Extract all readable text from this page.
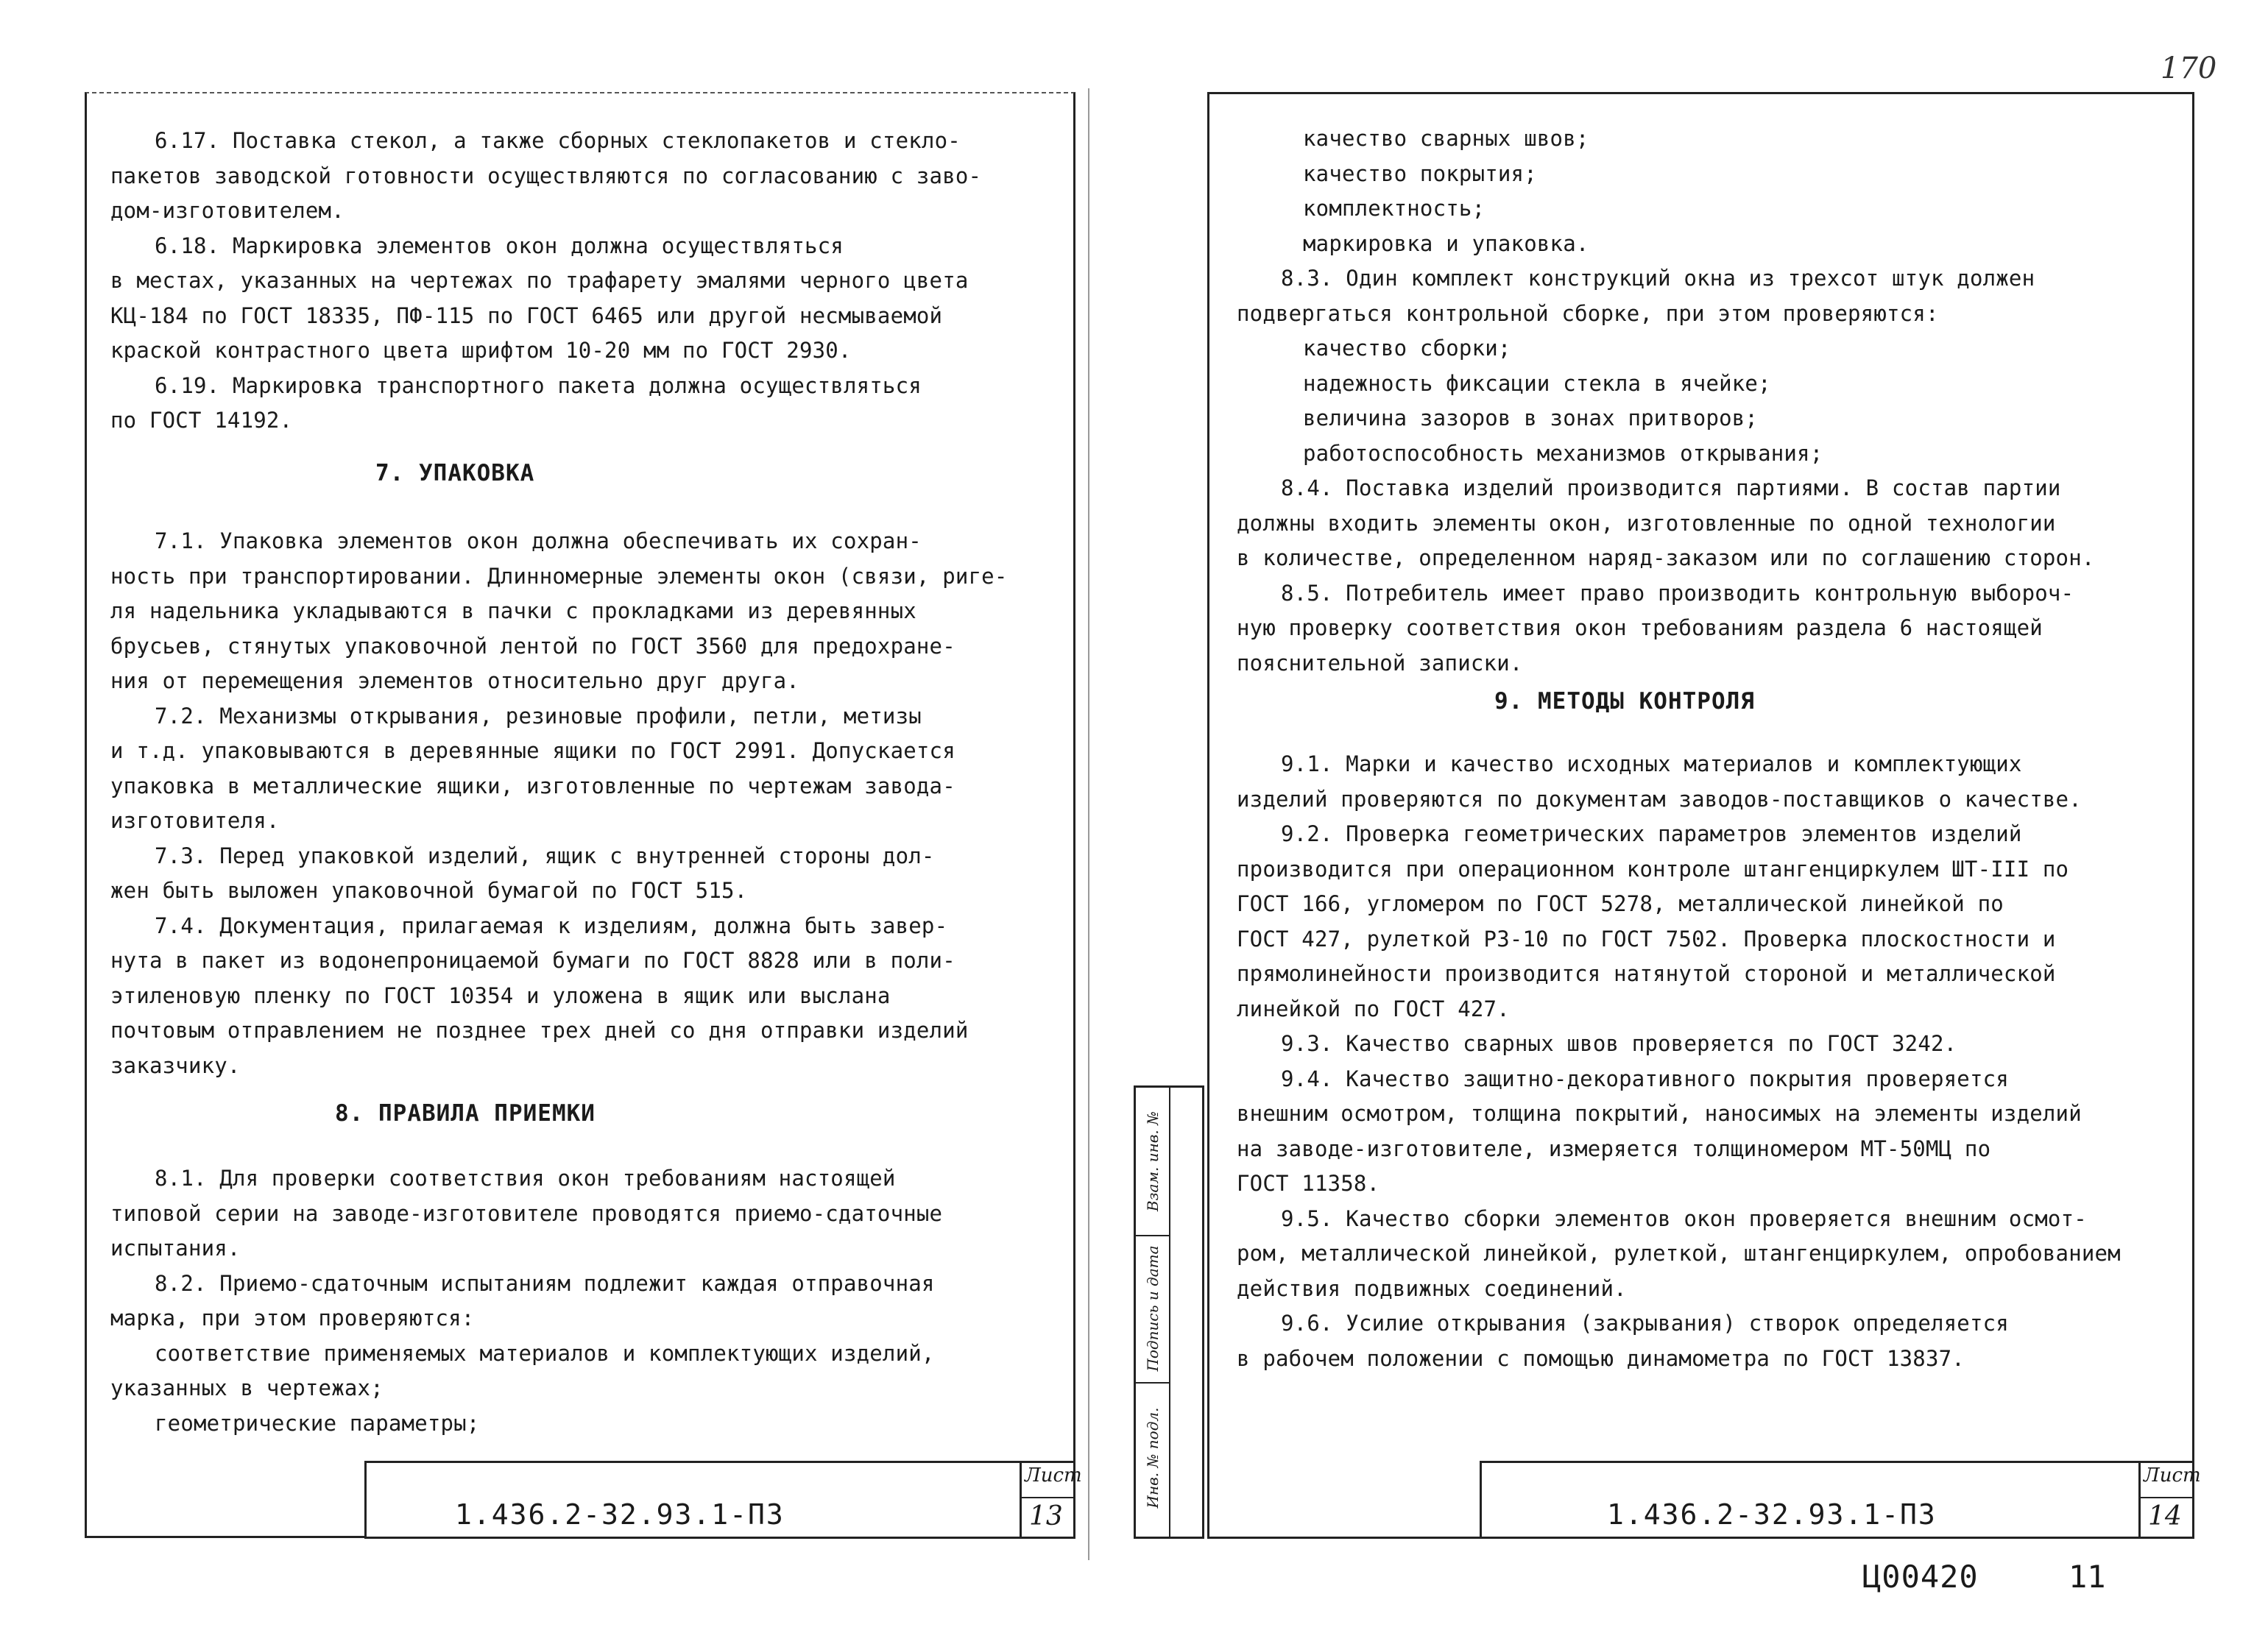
6.17. Поставка стекол, а также сборных стеклопакетов и стекло-
пакетов заводской готовности осуществляются по согласованию с заво-
дом-изготовителем.
6.18. Маркировка элементов окон должна осуществляться
в местах, указанных на чертежах по трафарету эмалями черного цвета
КЦ-184 по ГОСТ 18335, ПФ-115 по ГОСТ 6465 или другой несмываемой
краской контрастного цвета шрифтом 10-20 мм по ГОСТ 2930.
6.19. Маркировка транспортного пакета должна осуществляться
по ГОСТ 14192.
7. УПАКОВКА
7.1. Упаковка элементов окон должна обеспечивать их сохран-
ность при транспортировании. Длинномерные элементы окон (связи, риге-
ля надельника укладываются в пачки с прокладками из деревянных
брусьев, стянутых упаковочной лентой по ГОСТ 3560 для предохране-
ния от перемещения элементов относительно друг друга.
7.2. Механизмы открывания, резиновые профили, петли, метизы
и т.д. упаковываются в деревянные ящики по ГОСТ 2991. Допускается
упаковка в металлические ящики, изготовленные по чертежам завода-
изготовителя.
7.3. Перед упаковкой изделий, ящик с внутренней стороны дол-
жен быть выложен упаковочной бумагой по ГОСТ 515.
7.4. Документация, прилагаемая к изделиям, должна быть завер-
нута в пакет из водонепроницаемой бумаги по ГОСТ 8828 или в поли-
этиленовую пленку по ГОСТ 10354 и уложена в ящик или выслана
почтовым отправлением не позднее трех дней со дня отправки изделий
заказчику.
8. ПРАВИЛА ПРИЕМКИ
8.1. Для проверки соответствия окон требованиям настоящей
типовой серии на заводе-изготовителе проводятся приемо-сдаточные
испытания.
8.2. Приемо-сдаточным испытаниям подлежит каждая отправочная
марка, при этом проверяются:
соответствие применяемых материалов и комплектующих изделий,
указанных в чертежах;
геометрические параметры;
1.436.2-32.93.1-ПЗ
Лист
13
170
качество сварных швов;
качество покрытия;
комплектность;
маркировка и упаковка.
8.3. Один комплект конструкций окна из трехсот штук должен
подвергаться контрольной сборке, при этом проверяются:
качество сборки;
надежность фиксации стекла в ячейке;
величина зазоров в зонах притворов;
работоспособность механизмов открывания;
8.4. Поставка изделий производится партиями. В состав партии
должны входить элементы окон, изготовленные по одной технологии
в количестве, определенном наряд-заказом или по соглашению сторон.
8.5. Потребитель имеет право производить контрольную выбороч-
ную проверку соответствия окон требованиям раздела 6 настоящей
пояснительной записки.
9. МЕТОДЫ КОНТРОЛЯ
9.1. Марки и качество исходных материалов и комплектующих
изделий проверяются по документам заводов-поставщиков о качестве.
9.2. Проверка геометрических параметров элементов изделий
производится при операционном контроле штангенциркулем ШТ-III по
ГОСТ 166, угломером по ГОСТ 5278, металлической линейкой по
ГОСТ 427, рулеткой РЗ-10 по ГОСТ 7502. Проверка плоскостности и
прямолинейности производится натянутой стороной и металлической
линейкой по ГОСТ 427.
9.3. Качество сварных швов проверяется по ГОСТ 3242.
9.4. Качество защитно-декоративного покрытия проверяется
внешним осмотром, толщина покрытий, наносимых на элементы изделий
на заводе-изготовителе, измеряется толщиномером МТ-50МЦ по
ГОСТ 11358.
9.5. Качество сборки элементов окон проверяется внешним осмот-
ром, металлической линейкой, рулеткой, штангенциркулем, опробованием
действия подвижных соединений.
9.6. Усилие открывания (закрывания) створок определяется
в рабочем положении с помощью динамометра по ГОСТ 13837.
Взам. инв. №
Подпись и дата
Инв. № подл.
1.436.2-32.93.1-ПЗ
Лист
14
Ц00420	11
